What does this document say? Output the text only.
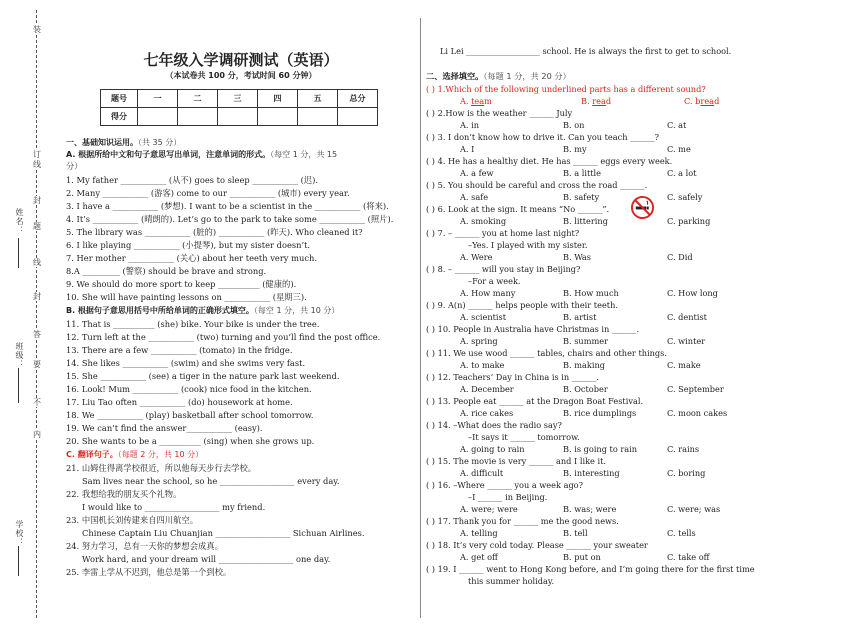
姓名：
班级：
学校：
线
封
题
线
封
答
要
不
内
订
装
七年级入学调研测试（英语）
（本试卷共 100 分，考试时间 60 分钟）
题号	一	二	三	四	五	总分
得分						
一、基础知识运用。（共 35 分）
A. 根据所给中文和句子意思写出单词，注意单词的形式。（每空 1 分，共 15
分）
1. My father ___________ (从不) goes to sleep ___________ (迟).
2. Many ___________ (游客) come to our ___________ (城市) every year.
3. I have a ___________ (梦想). I want to be a scientist in the ___________ (将来).
4. It’s ___________ (晴朗的). Let’s go to the park to take some ___________ (照片).
5. The library was ___________ (脏的) ___________ (昨天). Who cleaned it?
6. I like playing ___________ (小提琴), but my sister doesn’t.
7. Her mother ___________ (关心) about her teeth very much.
8.A _________ (警察) should be brave and strong.
9. We should do more sport to keep __________ (健康的).
10. She will have painting lessons on ___________ (星期三).
B. 根据句子意思用括号中所给单词的正确形式填空。（每空 1 分，共 10 分）
11. That is __________ (she) bike. Your bike is under the tree.
12. Turn left at the ___________ (two) turning and you’ll find the post office.
13. There are a few ___________ (tomato) in the fridge.
14. She likes ___________ (swim) and she swims very fast.
15. She ___________ (see) a tiger in the nature park last weekend.
16. Look! Mum ___________ (cook) nice food in the kitchen.
17. Liu Tao often ___________ (do) housework at home.
18. We ___________ (play) basketball after school tomorrow.
19. We can’t find the answer___________ (easy).
20. She wants to be a __________ (sing) when she grows up.
C. 翻译句子。（每题 2 分，共 10 分）
21. 山姆住得离学校很近，所以他每天步行去学校。
Sam lives near the school, so he __________________ every day.
22. 我想给我的朋友买个礼物。
I would like to __________________ my friend.
23. 中国机长刘传建来自四川航空。
Chinese Captain Liu Chuanjian __________________ Sichuan Airlines.
24. 努力学习，总有一天你的梦想会成真。
Work hard, and your dream will __________________ one day.
25. 李雷上学从不迟到，他总是第一个到校。
Li Lei __________________ school. He is always the first to get to school.
二、选择填空。（每题 1 分，共 20 分）
( ) 1.Which of the following underlined parts has a different sound?
A. team	B. read	C. bread
( ) 2.How is the weather ______ July
A. in	B. on	C. at
( ) 3. I don’t know how to drive it. Can you teach ______?
A. I	B. my	C. me
( ) 4. He has a healthy diet. He has ______ eggs every week.
A. a few	B. a little	C. a lot
( ) 5. You should be careful and cross the road ______.
A. safe	B. safety	C. safely
( ) 6. Look at the sign. It means “No ______”.
A. smoking	B. littering	C. parking
( ) 7. – ______ you at home last night?
–Yes. I played with my sister.
A. Were	B. Was	C. Did
( ) 8. – ______ will you stay in Beijing?
–For a week.
A. How many	B. How much	C. How long
( ) 9. A(n) ______ helps people with their teeth.
A. scientist	B. artist	C. dentist
( ) 10. People in Australia have Christmas in ______.
A. spring	B. summer	C. winter
( ) 11. We use wood ______ tables, chairs and other things.
A. to make	B. making	C. make
( ) 12. Teachers’ Day in China is in ______.
A. December	B. October	C. September
( ) 13. People eat ______ at the Dragon Boat Festival.
A. rice cakes	B. rice dumplings	C. moon cakes
( ) 14. –What does the radio say?
–It says it ______ tomorrow.
A. going to rain	B. is going to rain	C. rains
( ) 15. The movie is very ______ and I like it.
A. difficult	B. interesting	C. boring
( ) 16. –Where ______ you a week ago?
–I ______ in Beijing.
A. were; were	B. was; were	C. were; was
( ) 17. Thank you for ______ me the good news.
A. telling	B. tell	C. tells
( ) 18. It’s very cold today. Please ______ your sweater
A. get off	B. put on	C. take off
( ) 19. I ______ went to Hong Kong before, and I’m going there for the first time
this summer holiday.
